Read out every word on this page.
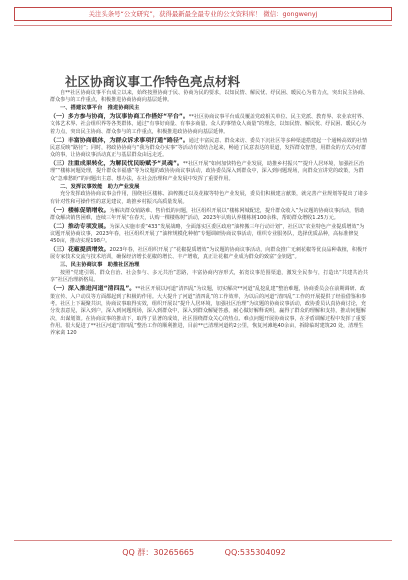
关注头条号“公文研究”，获得最新最全最专业的公文资料库！ 微信：gongwenyj
社区协商议事工作特色亮点材料

自**社区协商议事平台成立以来，始终按照协商于民、协商为民的要求，以知民情、解民忧、纾民困、暖民心为着力点，突出民主协商、群众参与的工作重点，积极推进协商协商向基层延伸。

一、搭建议事平台　推进协商民主

（一）多方参与协商，为议事协商工作搭好“平台”。**社区协商议事平台成员覆盖党政相关单位、民主党派、教育界、农业农村界、文体艺术界、社会组织界等各类群体，通过“有事好商量、有事多商量、众人的事情众人商量”的理念，以知民情、解民忧、纾民困、暖民心为着力点，突出民主协商、群众参与的工作重点，积极推进政协协商向基层延伸。

（二）丰富协商载体，为群众诉求事项打通“路径”。通过丰富民意、群众来访、委员下沉社区等多种渠道搭建起一个通畅高效的社情民意反映“路径”；同时，将政协协商与“我为群众办实事”等活动有效结合起来，畅通了民意表达的渠道，发挥群众智慧，用群众的方式办好群众的事，让协商议事活动真正与基层群众由远走近。

（三）注重成果转化，为解民忧民盼赋予“灵魂”。**社区开展“如何加快特色产业发展，助推乡村振兴”“提升人居环境，加强社区治理”“楼栋问题处理，提升群众幸福感”等为议题的政协协商议事活动，政协委员深入到群众中，深入到问题现场，向群众宣讲党的政策，为群众“急难愁盼”的问题出主意、想办法，在社会治理和产业发展中发挥了重要作用。

二、发挥议事效能　助力产业发展

充分发挥政协协商议事会作用，围绕社区楼栋、油榨搬迁以及花椒等特色产业发展，委员们积极建言献策，就完善产业规划等提出了诸多有针对性和可操作性的意见建议，助推乡村振兴高质量发展。

（一）楼栋促销增收。为解决群众销路难、售价低的问题，社区组织开展以“楼栋网城配送，提升群众收入”为议题的协商议事活动，帮助群众解决销售困难，连续三年开展“在春天，认购一棵楼栋树”活动，2023年认购认养楼栋树100余株，帮助群众增收1.25万元。

（二）推动专项发展。为深入实施市委“433”发展战略，全面落实区委区政府“油榨搬三年行动计划”，社区以“农业特色产业提质增效”为议题开展协商议事，2023年春，社区组织开展了“油榨规模化种植”专题调研协商议事活动，组织专业服务队，选择优质品种，高标准修复450亩，推动实现198户。

（三）花椒提质增效。2023年春，社区组织开展了“花椒提质增效”为议题的协商议事活动，向群众推广无刺花椒等优良品种栽植，积极开展专家技术交流与技术培训，确保经济增长花椒的增长、丰产增收，真正让花椒产业成为群众的致富“金钥匙”。

三、民主协商议事　助推社区治理

按照“党建引领、群众自治、社会参与、多元共治”思路，丰富协商内容形式，拓宽议事范围渠道，激发全民参与，打造出“共建共治共享”社区治理新格局。

（一）深入推进河道“清四乱”。**社区开展以河道“清四乱”为议题，切实解决**河道“乱挖乱建”整治难题，协商委员会在前期调研、政策宣传、入户动员等方面都起到了积极的作用。大大提升了河道“清四乱”的工作效率，为以后的河道“清四乱”工作的开展提供了经验借鉴和参考。社区上下凝聚共识，协商议事取得实效，组织开展以“提升人居环境，加强社区治理”为议题的协商议事活动，政协委员认真协商讨论，充分发表意见，深入到户，深入到问题现场，深入到群众中，深入到群众解疑答惑，耐心做好解释说明，赢得了群众的理解和支持，推动问题解决，出谋划策。在协商议事的推动下，取得了显著的成效，社区围绕群众关心的热点、难点问题开展协商议事，在矛盾调解过程中发挥了重要作用。很大促进了**社区河道“清四乱”整治工作的顺利推进，目前**已清理河道约2公里，恢复河滩地40余亩，拆除临时建筑20 处，清理生养家禽 120

QQ 群：30265665	QQ:535304092
